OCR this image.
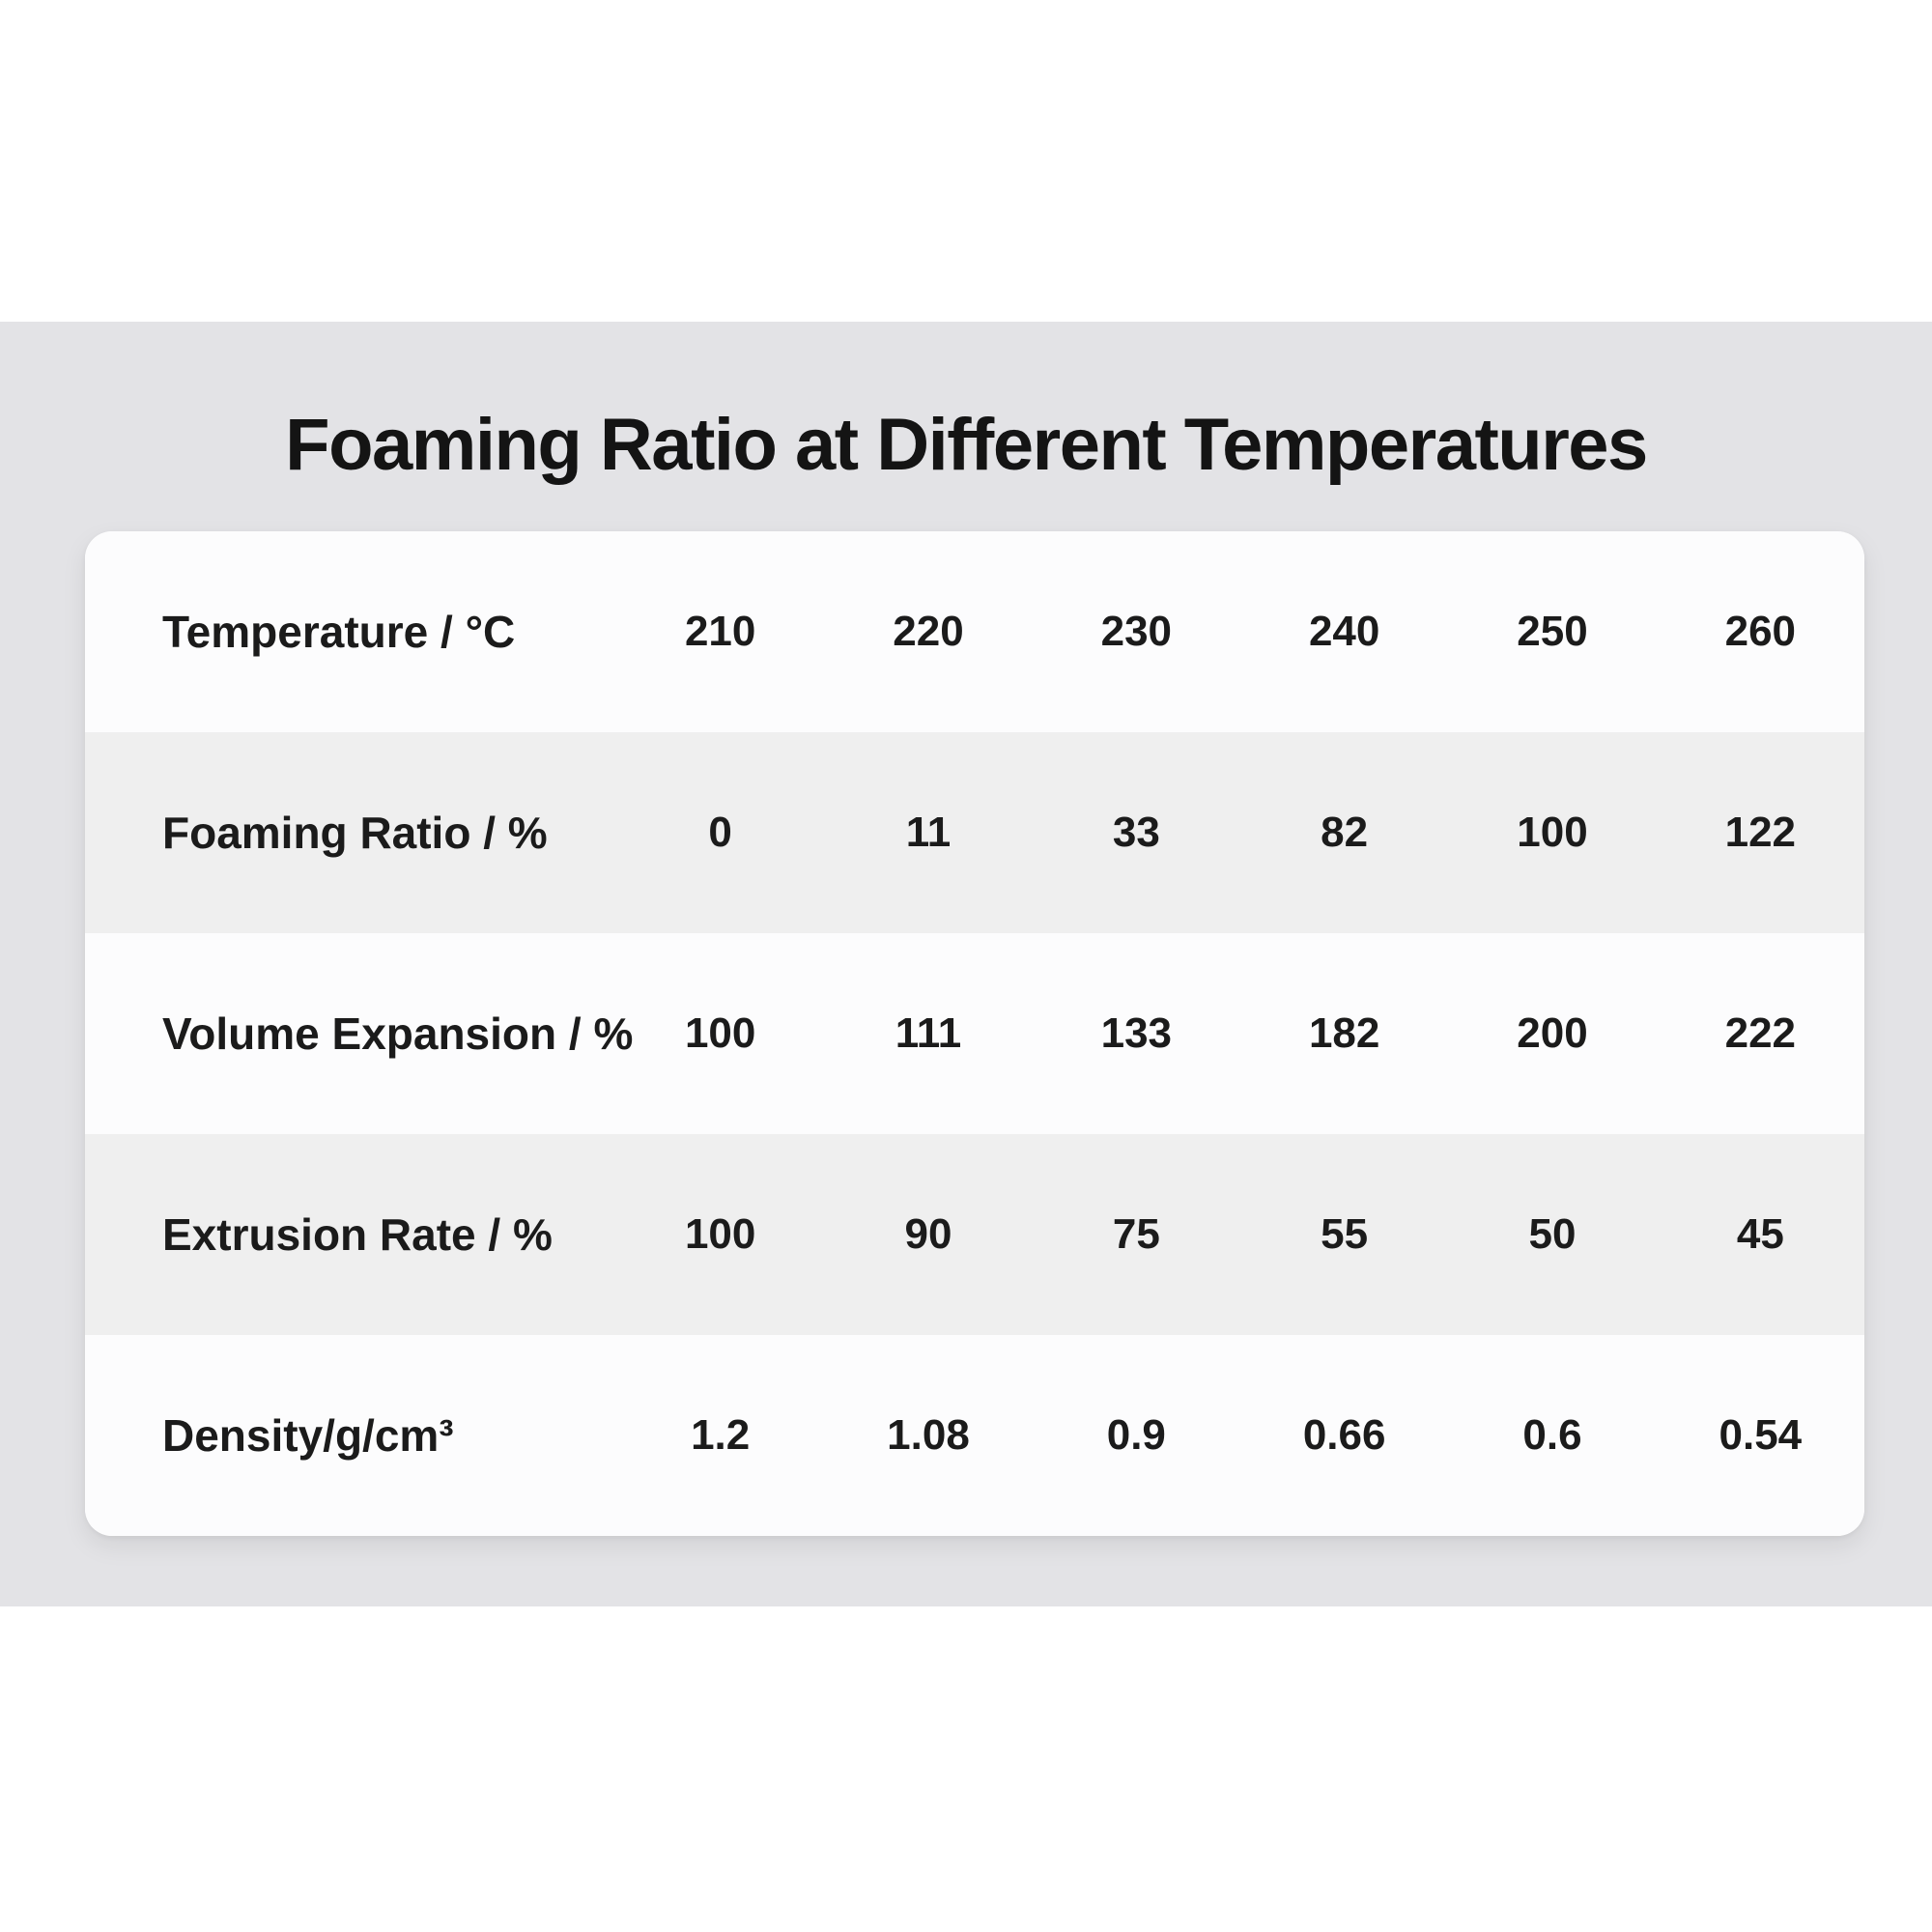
Foaming Ratio at Different Temperatures
Temperature / °C	210	220	230	240	250	260
Foaming Ratio / %	0	11	33	82	100	122
Volume Expansion / %	100	111	133	182	200	222
Extrusion Rate / %	100	90	75	55	50	45
Density/g/cm³	1.2	1.08	0.9	0.66	0.6	0.54
